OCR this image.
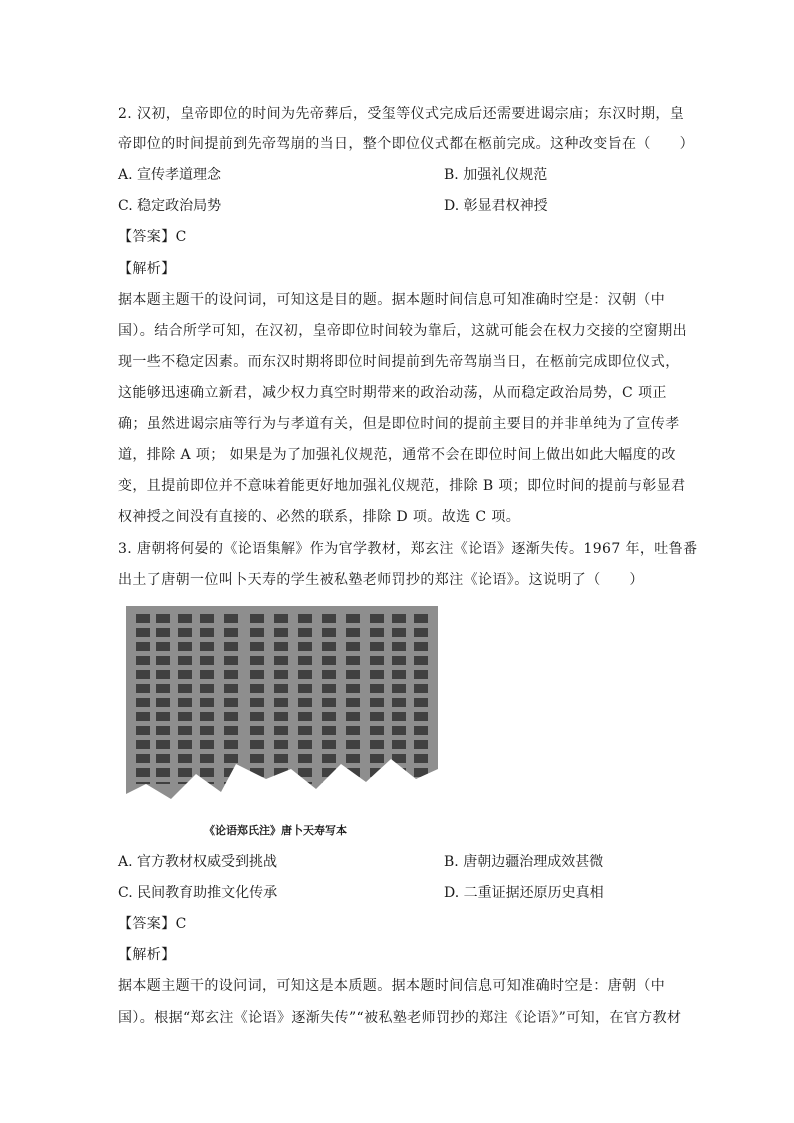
2. 汉初，皇帝即位的时间为先帝葬后，受玺等仪式完成后还需要进谒宗庙；东汉时期，皇
帝即位的时间提前到先帝驾崩的当日，整个即位仪式都在柩前完成。这种改变旨在（　　）
A. 宣传孝道理念	B. 加强礼仪规范
C. 稳定政治局势	D. 彰显君权神授
【答案】C
【解析】
据本题主题干的设问词，可知这是目的题。据本题时间信息可知准确时空是：汉朝（中
国）。结合所学可知，在汉初，皇帝即位时间较为靠后，这就可能会在权力交接的空窗期出
现一些不稳定因素。而东汉时期将即位时间提前到先帝驾崩当日，在柩前完成即位仪式，
这能够迅速确立新君，减少权力真空时期带来的政治动荡，从而稳定政治局势，C 项正
确；虽然进谒宗庙等行为与孝道有关，但是即位时间的提前主要目的并非单纯为了宣传孝
道，排除 A 项； 如果是为了加强礼仪规范，通常不会在即位时间上做出如此大幅度的改
变，且提前即位并不意味着能更好地加强礼仪规范，排除 B 项；即位时间的提前与彰显君
权神授之间没有直接的、必然的联系，排除 D 项。故选 C 项。
3. 唐朝将何晏的《论语集解》作为官学教材，郑玄注《论语》逐渐失传。1967 年，吐鲁番
出土了唐朝一位叫卜天寿的学生被私塾老师罚抄的郑注《论语》。这说明了（　　）
《论语郑氏注》唐卜天寿写本
A. 官方教材权威受到挑战	B. 唐朝边疆治理成效甚微
C. 民间教育助推文化传承	D. 二重证据还原历史真相
【答案】C
【解析】
据本题主题干的设问词，可知这是本质题。据本题时间信息可知准确时空是：唐朝（中
国）。根据“郑玄注《论语》逐渐失传”“被私塾老师罚抄的郑注《论语》”可知，在官方教材
